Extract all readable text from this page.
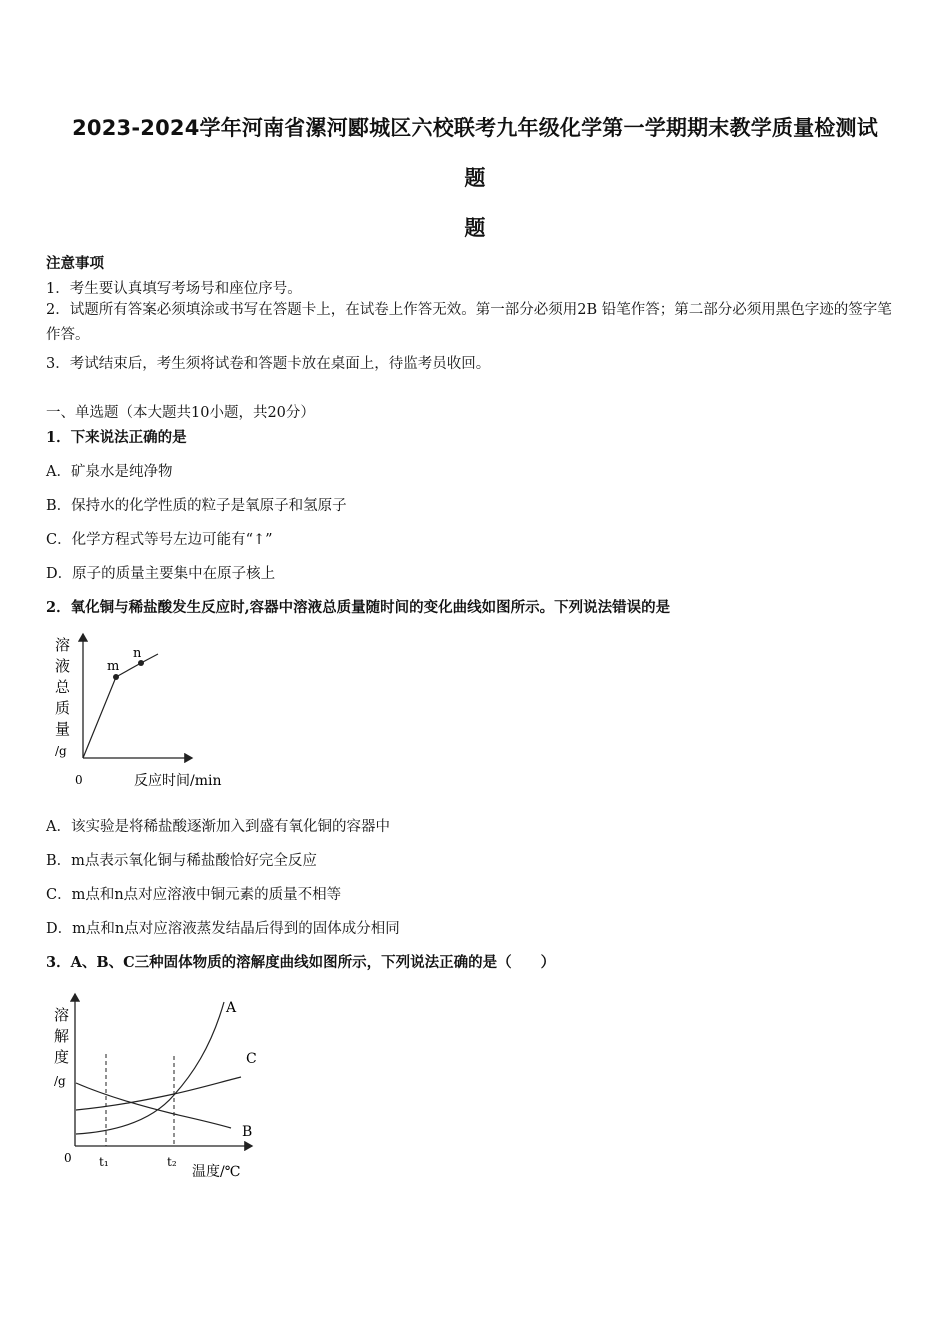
2023-2024学年河南省漯河郾城区六校联考九年级化学第一学期期末教学质量检测试
题
题
注意事项
1．考生要认真填写考场号和座位序号。
2．试题所有答案必须填涂或书写在答题卡上，在试卷上作答无效。第一部分必须用2B 铅笔作答；第二部分必须用黑色字迹的签字笔作答。
3．考试结束后，考生须将试卷和答题卡放在桌面上，待监考员收回。
一、单选题（本大题共10小题，共20分）
1．下来说法正确的是
A．矿泉水是纯净物
B．保持水的化学性质的粒子是氧原子和氢原子
C．化学方程式等号左边可能有“↑”
D．原子的质量主要集中在原子核上
2．氧化铜与稀盐酸发生反应时,容器中溶液总质量随时间的变化曲线如图所示。下列说法错误的是
m
n
溶
液
总
质
量
/g
0	反应时间/min
A．该实验是将稀盐酸逐渐加入到盛有氧化铜的容器中
B．m点表示氧化铜与稀盐酸恰好完全反应
C．m点和n点对应溶液中铜元素的质量不相等
D．m点和n点对应溶液蒸发结晶后得到的固体成分相同
3．A、B、C三种固体物质的溶解度曲线如图所示，下列说法正确的是（　　）
A
C
B
溶
解
度
/g
0 t₁	t₂
温度/℃
